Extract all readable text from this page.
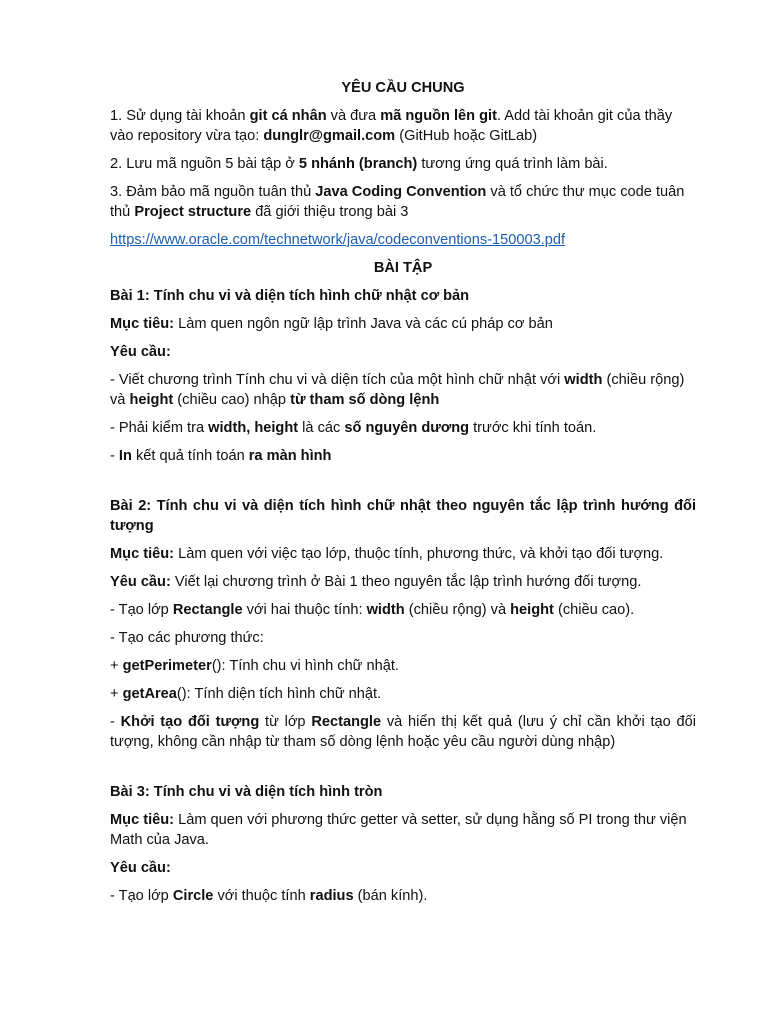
YÊU CẦU CHUNG

1. Sử dụng tài khoản git cá nhân và đưa mã nguồn lên git. Add tài khoản git của thầy vào repository vừa tạo: dunglr@gmail.com (GitHub hoặc GitLab)

2. Lưu mã nguồn 5 bài tập ở 5 nhánh (branch) tương ứng quá trình làm bài.

3. Đảm bảo mã nguồn tuân thủ Java Coding Convention và tổ chức thư mục code tuân thủ Project structure đã giới thiệu trong bài 3

https://www.oracle.com/technetwork/java/codeconventions-150003.pdf
BÀI TẬP
Bài 1: Tính chu vi và diện tích hình chữ nhật cơ bản

Mục tiêu: Làm quen ngôn ngữ lập trình Java và các cú pháp cơ bản

Yêu cầu:

- Viết chương trình Tính chu vi và diện tích của một hình chữ nhật với width (chiều rộng) và height (chiều cao) nhập từ tham số dòng lệnh

- Phải kiểm tra width, height là các số nguyên dương trước khi tính toán.

- In kết quả tính toán ra màn hình

Bài 2: Tính chu vi và diện tích hình chữ nhật theo nguyên tắc lập trình hướng đối tượng

Mục tiêu: Làm quen với việc tạo lớp, thuộc tính, phương thức, và khởi tạo đối tượng.

Yêu cầu: Viết lại chương trình ở Bài 1 theo nguyên tắc lập trình hướng đối tượng.

- Tạo lớp Rectangle với hai thuộc tính: width (chiều rộng) và height (chiều cao).

- Tạo các phương thức:

+ getPerimeter(): Tính chu vi hình chữ nhật.

+ getArea(): Tính diện tích hình chữ nhật.

- Khởi tạo đối tượng từ lớp Rectangle và hiển thị kết quả (lưu ý chỉ cần khởi tạo đối tượng, không cần nhập từ tham số dòng lệnh hoặc yêu cầu người dùng nhập)

Bài 3: Tính chu vi và diện tích hình tròn

Mục tiêu: Làm quen với phương thức getter và setter, sử dụng hằng số PI trong thư viện Math của Java.

Yêu cầu:

- Tạo lớp Circle với thuộc tính radius (bán kính).
